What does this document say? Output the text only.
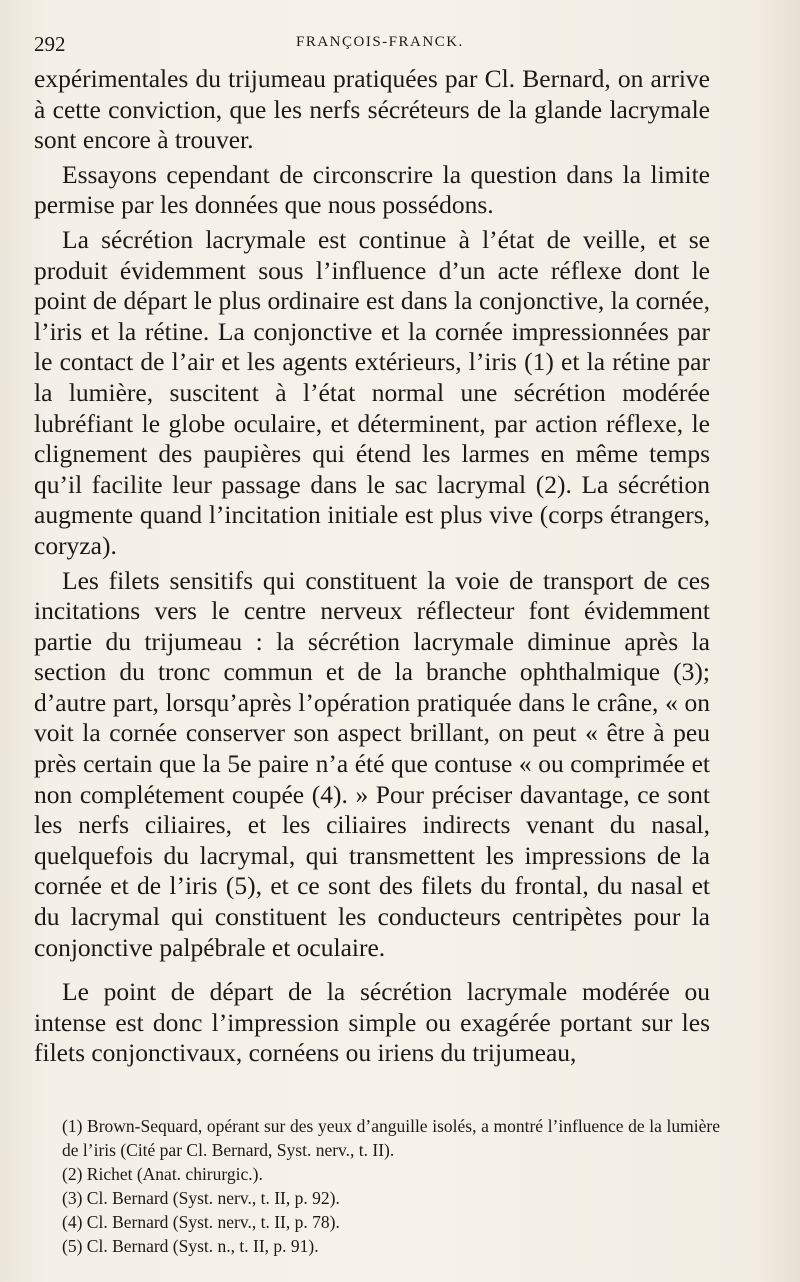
292	FRANÇOIS-FRANCK.

expérimentales du trijumeau pratiquées par Cl. Bernard, on arrive à cette conviction, que les nerfs sécréteurs de la glande lacrymale sont encore à trouver.

Essayons cependant de circonscrire la question dans la limite permise par les données que nous possédons.

La sécrétion lacrymale est continue à l’état de veille, et se produit évidemment sous l’influence d’un acte réflexe dont le point de départ le plus ordinaire est dans la conjonctive, la cornée, l’iris et la rétine. La conjonctive et la cornée impressionnées par le contact de l’air et les agents extérieurs, l’iris (1) et la rétine par la lumière, suscitent à l’état normal une sécrétion modérée lubréfiant le globe oculaire, et déterminent, par action réflexe, le clignement des paupières qui étend les larmes en même temps qu’il facilite leur passage dans le sac lacrymal (2). La sécrétion augmente quand l’incitation initiale est plus vive (corps étrangers, coryza).

Les filets sensitifs qui constituent la voie de transport de ces incitations vers le centre nerveux réflecteur font évidemment partie du trijumeau : la sécrétion lacrymale diminue après la section du tronc commun et de la branche ophthalmique (3); d’autre part, lorsqu’après l’opération pratiquée dans le crâne, « on voit la cornée conserver son aspect brillant, on peut « être à peu près certain que la 5e paire n’a été que contuse « ou comprimée et non complétement coupée (4). » Pour préciser davantage, ce sont les nerfs ciliaires, et les ciliaires indirects venant du nasal, quelquefois du lacrymal, qui transmettent les impressions de la cornée et de l’iris (5), et ce sont des filets du frontal, du nasal et du lacrymal qui constituent les conducteurs centripètes pour la conjonctive palpébrale et oculaire.

Le point de départ de la sécrétion lacrymale modérée ou intense est donc l’impression simple ou exagérée portant sur les filets conjonctivaux, cornéens ou iriens du trijumeau,

(1) Brown-Sequard, opérant sur des yeux d’anguille isolés, a montré l’influence de la lumière de l’iris (Cité par Cl. Bernard, Syst. nerv., t. II).

(2) Richet (Anat. chirurgic.).

(3) Cl. Bernard (Syst. nerv., t. II, p. 92).

(4) Cl. Bernard (Syst. nerv., t. II, p. 78).

(5) Cl. Bernard (Syst. n., t. II, p. 91).
